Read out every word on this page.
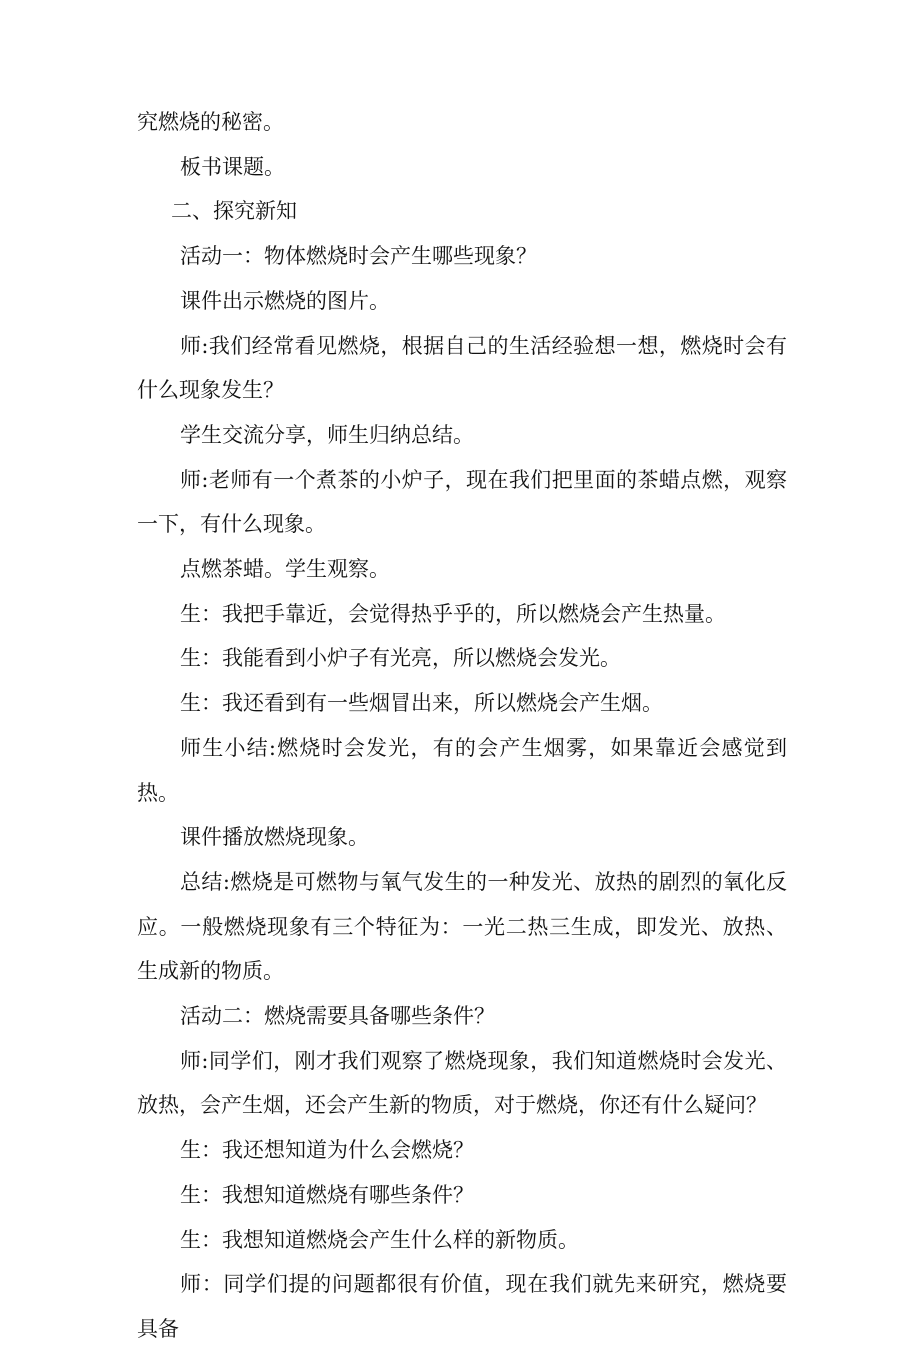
究燃烧的秘密。

板书课题。

二、探究新知

活动一：物体燃烧时会产生哪些现象？

课件出示燃烧的图片。

师:我们经常看见燃烧，根据自己的生活经验想一想，燃烧时会有什么现象发生？

学生交流分享，师生归纳总结。

师:老师有一个煮茶的小炉子，现在我们把里面的茶蜡点燃，观察一下，有什么现象。

点燃茶蜡。学生观察。

生：我把手靠近，会觉得热乎乎的，所以燃烧会产生热量。

生：我能看到小炉子有光亮，所以燃烧会发光。

生：我还看到有一些烟冒出来，所以燃烧会产生烟。

师生小结:燃烧时会发光，有的会产生烟雾，如果靠近会感觉到热。

课件播放燃烧现象。

总结:燃烧是可燃物与氧气发生的一种发光、放热的剧烈的氧化反应。一般燃烧现象有三个特征为：一光二热三生成，即发光、放热、生成新的物质。

活动二：燃烧需要具备哪些条件？

师:同学们，刚才我们观察了燃烧现象，我们知道燃烧时会发光、放热，会产生烟，还会产生新的物质，对于燃烧，你还有什么疑问？

生：我还想知道为什么会燃烧？

生：我想知道燃烧有哪些条件？

生：我想知道燃烧会产生什么样的新物质。

师：同学们提的问题都很有价值，现在我们就先来研究，燃烧要具备
